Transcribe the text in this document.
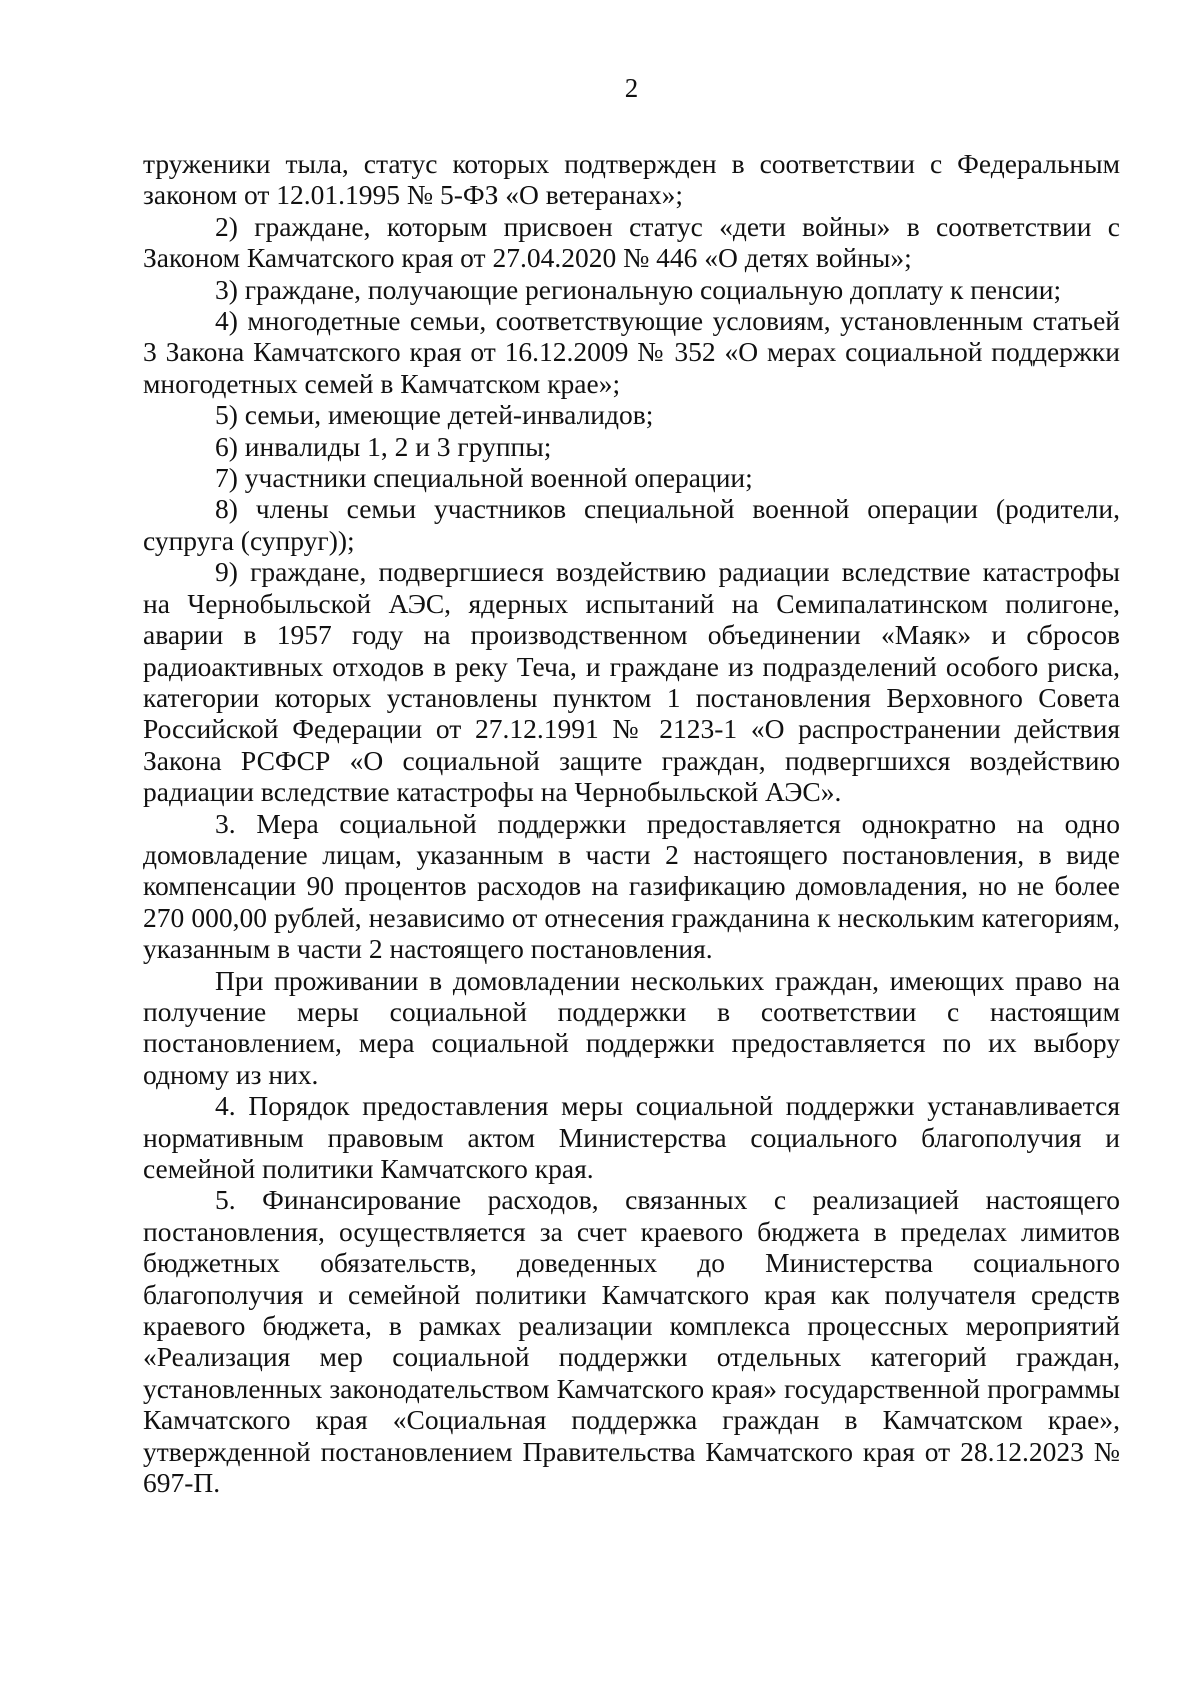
2

труженики тыла, статус которых подтвержден в соответствии с Федеральным законом от 12.01.1995 № 5-ФЗ «О ветеранах»;

2) граждане, которым присвоен статус «дети войны» в соответствии с Законом Камчатского края от 27.04.2020 № 446 «О детях войны»;

3) граждане, получающие региональную социальную доплату к пенсии;

4) многодетные семьи, соответствующие условиям, установленным статьей 3 Закона Камчатского края от 16.12.2009 № 352 «О мерах социальной поддержки многодетных семей в Камчатском крае»;

5) семьи, имеющие детей-инвалидов;

6) инвалиды 1, 2 и 3 группы;

7) участники специальной военной операции;

8) члены семьи участников специальной военной операции (родители, супруга (супруг));

9) граждане, подвергшиеся воздействию радиации вследствие катастрофы на Чернобыльской АЭС, ядерных испытаний на Семипалатинском полигоне, аварии в 1957 году на производственном объединении «Маяк» и сбросов радиоактивных отходов в реку Теча, и граждане из подразделений особого риска, категории которых установлены пунктом 1 постановления Верховного Совета Российской Федерации от 27.12.1991 № 2123-1 «О распространении действия Закона РСФСР «О социальной защите граждан, подвергшихся воздействию радиации вследствие катастрофы на Чернобыльской АЭС».

3. Мера социальной поддержки предоставляется однократно на одно домовладение лицам, указанным в части 2 настоящего постановления, в виде компенсации 90 процентов расходов на газификацию домовладения, но не более 270 000,00 рублей, независимо от отнесения гражданина к нескольким категориям, указанным в части 2 настоящего постановления.

При проживании в домовладении нескольких граждан, имеющих право на получение меры социальной поддержки в соответствии с настоящим постановлением, мера социальной поддержки предоставляется по их выбору одному из них.

4. Порядок предоставления меры социальной поддержки устанавливается нормативным правовым актом Министерства социального благополучия и семейной политики Камчатского края.

5. Финансирование расходов, связанных с реализацией настоящего постановления, осуществляется за счет краевого бюджета в пределах лимитов бюджетных обязательств, доведенных до Министерства социального благополучия и семейной политики Камчатского края как получателя средств краевого бюджета, в рамках реализации комплекса процессных мероприятий «Реализация мер социальной поддержки отдельных категорий граждан, установленных законодательством Камчатского края» государственной программы Камчатского края «Социальная поддержка граждан в Камчатском крае», утвержденной постановлением Правительства Камчатского края от 28.12.2023 № 697-П.
